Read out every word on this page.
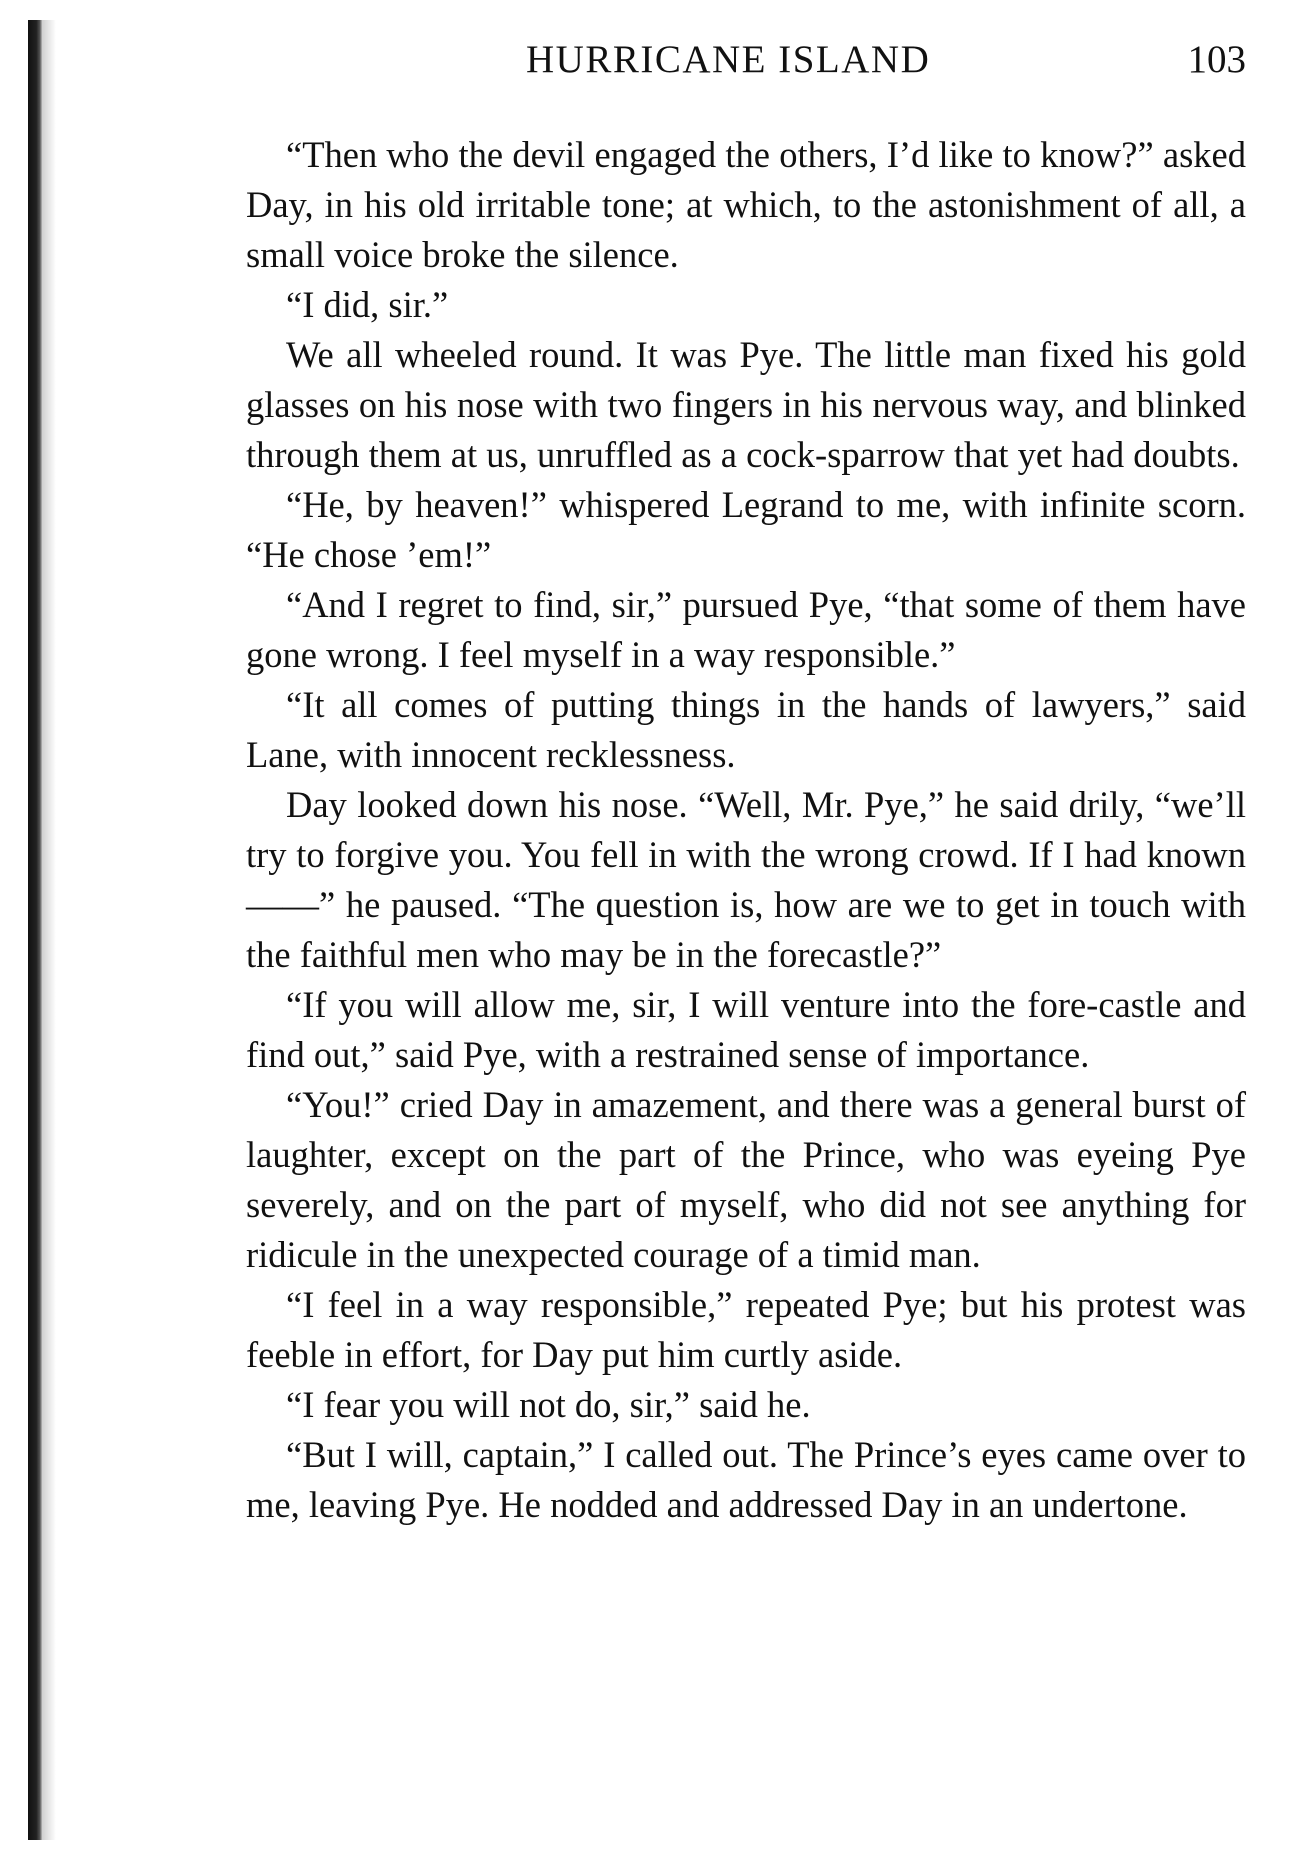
HURRICANE ISLAND	103

“Then who the devil engaged the others, I’d like to know?” asked Day, in his old irritable tone; at which, to the astonishment of all, a small voice broke the silence.

“I did, sir.”

We all wheeled round. It was Pye. The little man fixed his gold glasses on his nose with two fingers in his nervous way, and blinked through them at us, unruffled as a cock-sparrow that yet had doubts.

“He, by heaven!” whispered Legrand to me, with infinite scorn. “He chose ’em!”

“And I regret to find, sir,” pursued Pye, “that some of them have gone wrong. I feel myself in a way responsible.”

“It all comes of putting things in the hands of lawyers,” said Lane, with innocent recklessness.

Day looked down his nose. “Well, Mr. Pye,” he said drily, “we’ll try to forgive you. You fell in with the wrong crowd. If I had known——” he paused. “The question is, how are we to get in touch with the faithful men who may be in the forecastle?”

“If you will allow me, sir, I will venture into the fore-castle and find out,” said Pye, with a restrained sense of importance.

“You!” cried Day in amazement, and there was a general burst of laughter, except on the part of the Prince, who was eyeing Pye severely, and on the part of myself, who did not see anything for ridicule in the unexpected courage of a timid man.

“I feel in a way responsible,” repeated Pye; but his protest was feeble in effort, for Day put him curtly aside.

“I fear you will not do, sir,” said he.

“But I will, captain,” I called out. The Prince’s eyes came over to me, leaving Pye. He nodded and addressed Day in an undertone.
